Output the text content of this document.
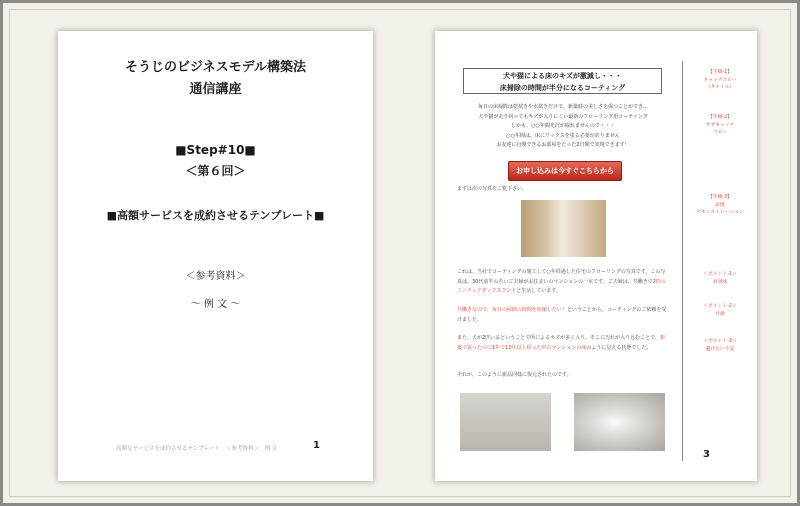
そうじのビジネスモデル構築法
通信講座
■Step#10■
＜第６回＞
■高額サービスを成約させるテンプレート■
＜参考資料＞
～ 例 文 ～
高額なサービスを成約させるテンプレート ＜参考資料＞　例 文	1
犬や猫による床のキズが激減し・・・
床掃除の時間が半分になるコーティング
毎日の床掃除は乾拭きや水拭きだけで、新築時の美しさを保つことができ…
犬や猫が走り回ってもキズが入りにくい最新のフローリング用コーティング
しかも、○○年間光沢が取れませんので・・・
○○年間は、床にワックスを塗る必要がありません
お友達に自慢できるお部屋をたった2日間で実現できます！
お申し込みは今すぐこちらから
まずは次の写真をご覧下さい。
これは、当社でコーティングの施工して○年経過した住宅のフローリングの写真です。この写真は、30代前半の若いご夫婦がお住まいのマンションの一室です。ご夫婦は、共働きで2匹のミニチュアダックスフンドと生活しています。
共働きなので、毎日の掃除の時間を短縮したい！ということから、コーティングのご依頼を受けました。
また、犬が2匹いるということで所によるキズが多く入り、そこに汚れが入り込むことで、新築で買ったのに1年で10年以上経った中古マンションの床のように見える状態でした。
それが、このように新品同様に復元されたのです。
3
【手順-1】
キャッチコピー
（タイトル）
【手順-2】
サブキャッチ
コピー
【手順-3】
証拠
デモンストレーション
＜ポイント-1＞
真実味
＜ポイント-2＞
共感
＜ポイント-3＞
避けたい不安
